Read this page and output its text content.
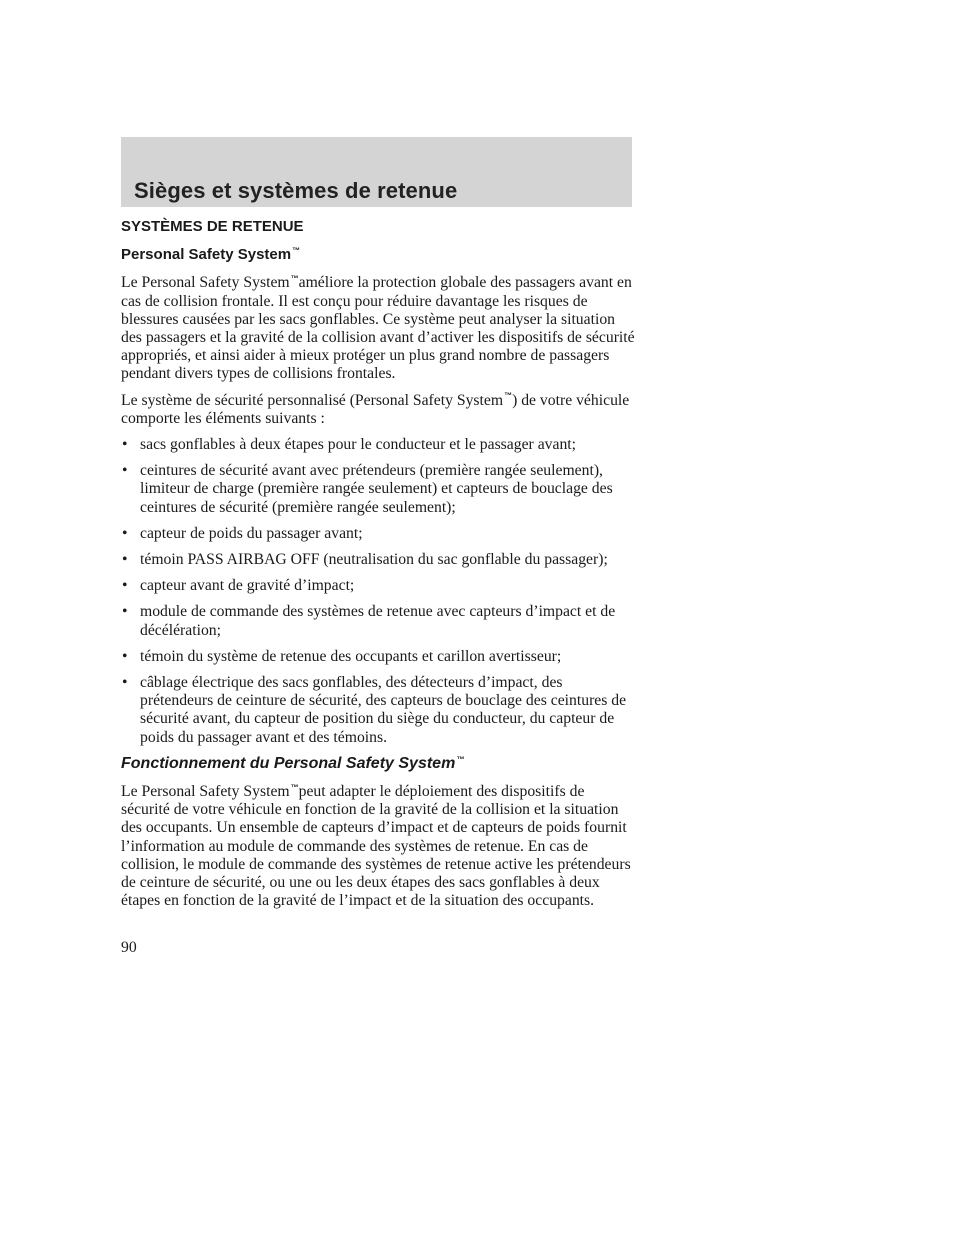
Sièges et systèmes de retenue
SYSTÈMES DE RETENUE
Personal Safety System™

Le Personal Safety System™améliore la protection globale des passagers avant en cas de collision frontale. Il est conçu pour réduire davantage les risques de blessures causées par les sacs gonflables. Ce système peut analyser la situation des passagers et la gravité de la collision avant d’activer les dispositifs de sécurité appropriés, et ainsi aider à mieux protéger un plus grand nombre de passagers pendant divers types de collisions frontales.

Le système de sécurité personnalisé (Personal Safety System™) de votre véhicule comporte les éléments suivants :

• sacs gonflables à deux étapes pour le conducteur et le passager avant;
• ceintures de sécurité avant avec prétendeurs (première rangée seulement), limiteur de charge (première rangée seulement) et capteurs de bouclage des ceintures de sécurité (première rangée seulement);
• capteur de poids du passager avant;
• témoin PASS AIRBAG OFF (neutralisation du sac gonflable du passager);
• capteur avant de gravité d’impact;
• module de commande des systèmes de retenue avec capteurs d’impact et de décélération;
• témoin du système de retenue des occupants et carillon avertisseur;
• câblage électrique des sacs gonflables, des détecteurs d’impact, des prétendeurs de ceinture de sécurité, des capteurs de bouclage des ceintures de sécurité avant, du capteur de position du siège du conducteur, du capteur de poids du passager avant et des témoins.
Fonctionnement du Personal Safety System™

Le Personal Safety System™peut adapter le déploiement des dispositifs de sécurité de votre véhicule en fonction de la gravité de la collision et la situation des occupants. Un ensemble de capteurs d’impact et de capteurs de poids fournit l’information au module de commande des systèmes de retenue. En cas de collision, le module de commande des systèmes de retenue active les prétendeurs de ceinture de sécurité, ou une ou les deux étapes des sacs gonflables à deux étapes en fonction de la gravité de l’impact et de la situation des occupants.

90
